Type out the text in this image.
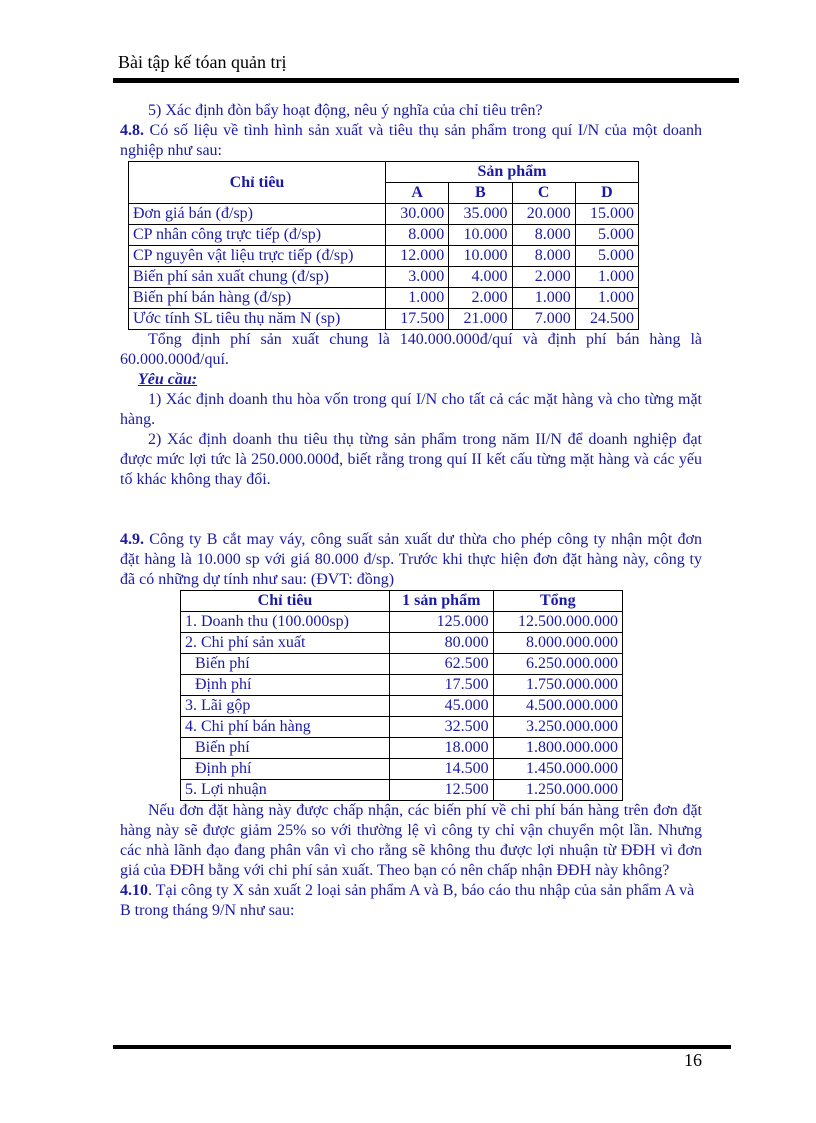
Bài tập kế tóan quản trị

5) Xác định đòn bẩy hoạt động, nêu ý nghĩa của chỉ tiêu trên?

4.8. Có số liệu về tình hình sản xuất và tiêu thụ sản phẩm trong quí I/N của một doanh nghiệp như sau:

Chỉ tiêu	Sản phẩm			
	A	B	C	D
Đơn giá bán (đ/sp)	30.000	35.000	20.000	15.000
CP nhân công trực tiếp (đ/sp)	8.000	10.000	8.000	5.000
CP nguyên vật liệu trực tiếp (đ/sp)	12.000	10.000	8.000	5.000
Biến phí sản xuất chung (đ/sp)	3.000	4.000	2.000	1.000
Biến phí bán hàng (đ/sp)	1.000	2.000	1.000	1.000
Ước tính SL tiêu thụ năm N (sp)	17.500	21.000	7.000	24.500

Tổng định phí sản xuất chung là 140.000.000đ/quí và định phí bán hàng là 60.000.000đ/quí.

Yêu cầu:

1) Xác định doanh thu hòa vốn trong quí I/N cho tất cả các mặt hàng và cho từng mặt hàng.

2) Xác định doanh thu tiêu thụ từng sản phẩm trong năm II/N để doanh nghiệp đạt được mức lợi tức là 250.000.000đ, biết rằng trong quí II kết cấu từng mặt hàng và các yếu tố khác không thay đổi.

4.9. Công ty B cắt may váy, công suất sản xuất dư thừa cho phép công ty nhận một đơn đặt hàng là 10.000 sp với giá 80.000 đ/sp. Trước khi thực hiện đơn đặt hàng này, công ty đã có những dự tính như sau: (ĐVT: đồng)

Chỉ tiêu	1 sản phẩm	Tổng
1. Doanh thu (100.000sp)	125.000	12.500.000.000
2. Chi phí sản xuất	80.000	8.000.000.000
Biến phí	62.500	6.250.000.000
Định phí	17.500	1.750.000.000
3. Lãi gộp	45.000	4.500.000.000
4. Chi phí bán hàng	32.500	3.250.000.000
Biến phí	18.000	1.800.000.000
Định phí	14.500	1.450.000.000
5. Lợi nhuận	12.500	1.250.000.000

Nếu đơn đặt hàng này được chấp nhận, các biến phí về chi phí bán hàng trên đơn đặt hàng này sẽ được giảm 25% so với thường lệ vì công ty chỉ vận chuyển một lần. Nhưng các nhà lãnh đạo đang phân vân vì cho rằng sẽ không thu được lợi nhuận từ ĐĐH vì đơn giá của ĐĐH bằng với chi phí sản xuất. Theo bạn có nên chấp nhận ĐĐH này không?

4.10. Tại công ty X sản xuất 2 loại sản phẩm A và B, báo cáo thu nhập của sản phẩm A và B trong tháng 9/N như sau:

16
